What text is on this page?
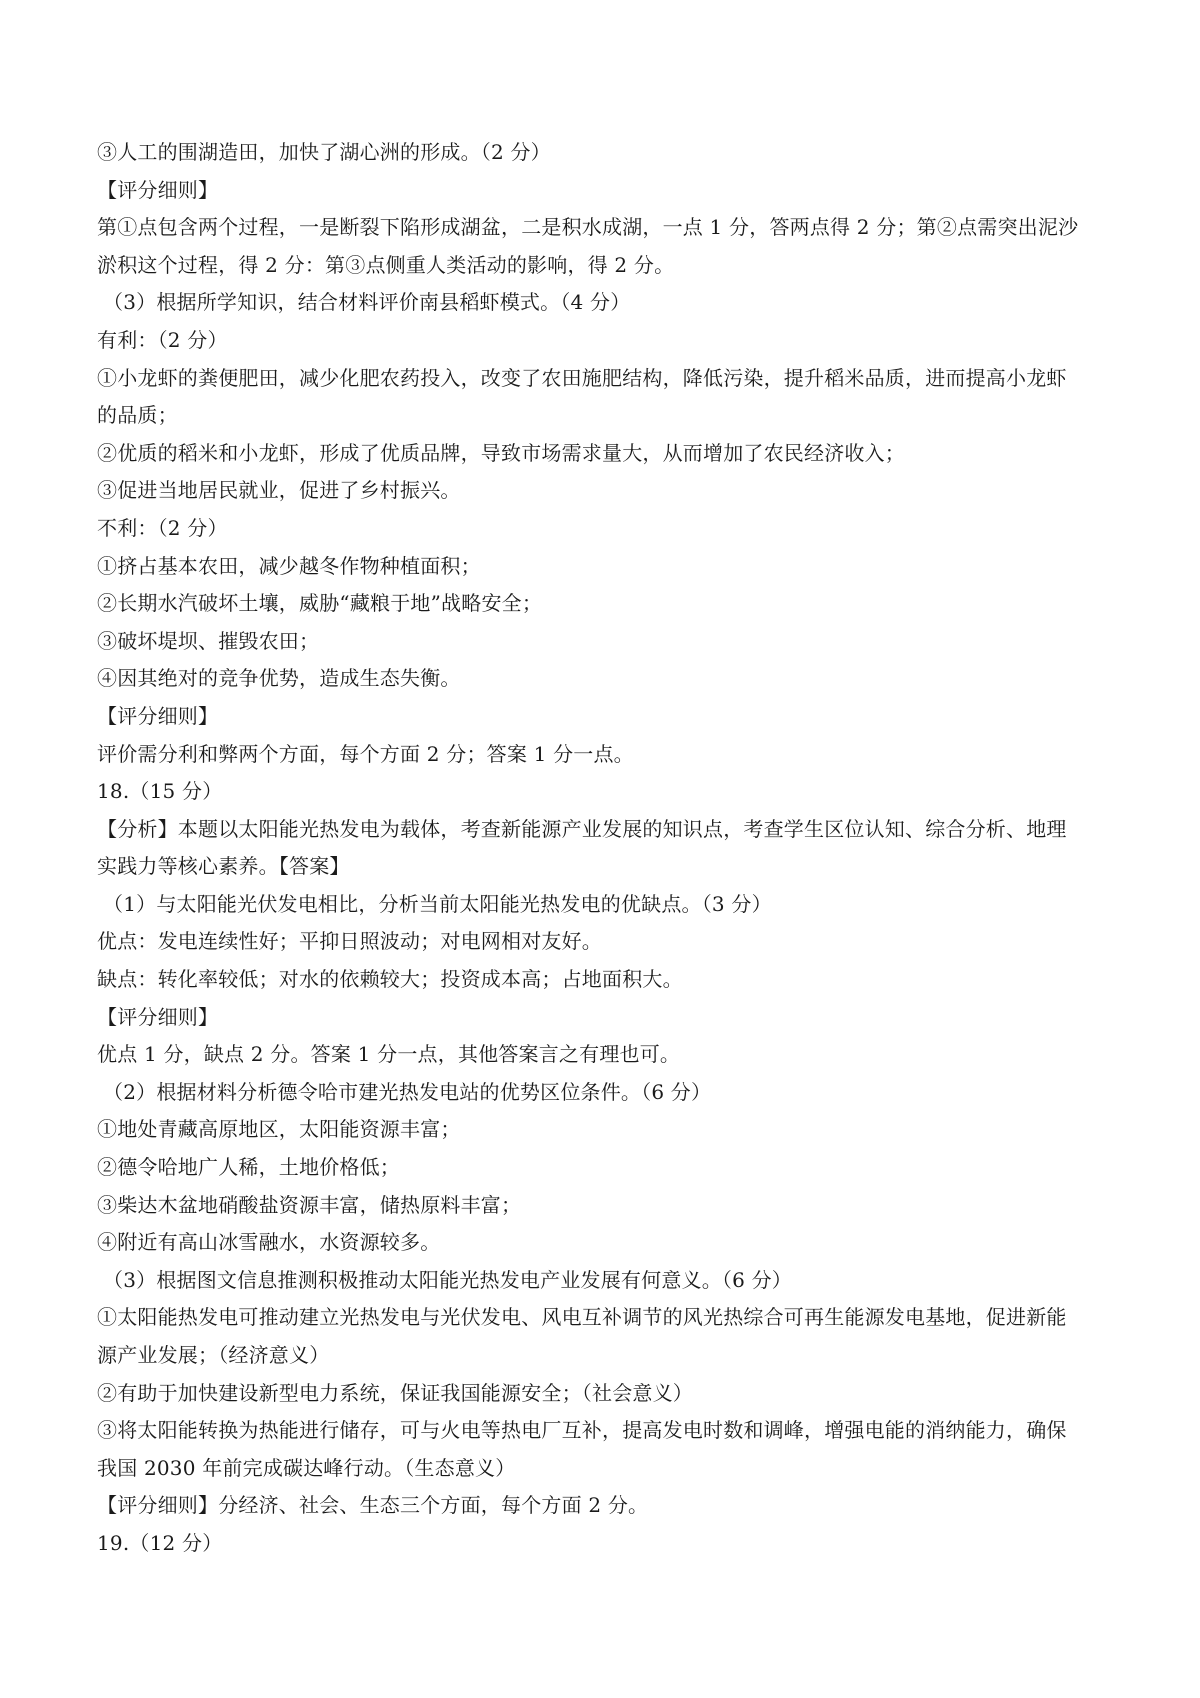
③人工的围湖造田，加快了湖心洲的形成。（2 分）
【评分细则】
第①点包含两个过程，一是断裂下陷形成湖盆，二是积水成湖，一点 1 分，答两点得 2 分；第②点需突出泥沙
淤积这个过程，得 2 分：第③点侧重人类活动的影响，得 2 分。
（3）根据所学知识，结合材料评价南县稻虾模式。（4 分）
有利：（2 分）
①小龙虾的粪便肥田，减少化肥农药投入，改变了农田施肥结构，降低污染，提升稻米品质，进而提高小龙虾
的品质；
②优质的稻米和小龙虾，形成了优质品牌，导致市场需求量大，从而增加了农民经济收入；
③促进当地居民就业，促进了乡村振兴。
不利：（2 分）
①挤占基本农田，减少越冬作物种植面积；
②长期水汽破坏土壤，威胁“藏粮于地”战略安全；
③破坏堤坝、摧毁农田；
④因其绝对的竞争优势，造成生态失衡。
【评分细则】
评价需分利和弊两个方面，每个方面 2 分；答案 1 分一点。
18.（15 分）
【分析】本题以太阳能光热发电为载体，考查新能源产业发展的知识点，考查学生区位认知、综合分析、地理
实践力等核心素养。【答案】
（1）与太阳能光伏发电相比，分析当前太阳能光热发电的优缺点。（3 分）
优点：发电连续性好；平抑日照波动；对电网相对友好。
缺点：转化率较低；对水的依赖较大；投资成本高；占地面积大。
【评分细则】
优点 1 分，缺点 2 分。答案 1 分一点，其他答案言之有理也可。
（2）根据材料分析德令哈市建光热发电站的优势区位条件。（6 分）
①地处青藏高原地区，太阳能资源丰富；
②德令哈地广人稀，土地价格低；
③柴达木盆地硝酸盐资源丰富，储热原料丰富；
④附近有高山冰雪融水，水资源较多。
（3）根据图文信息推测积极推动太阳能光热发电产业发展有何意义。（6 分）
①太阳能热发电可推动建立光热发电与光伏发电、风电互补调节的风光热综合可再生能源发电基地，促进新能
源产业发展；（经济意义）
②有助于加快建设新型电力系统，保证我国能源安全；（社会意义）
③将太阳能转换为热能进行储存，可与火电等热电厂互补，提高发电时数和调峰，增强电能的消纳能力，确保
我国 2030 年前完成碳达峰行动。（生态意义）
【评分细则】分经济、社会、生态三个方面，每个方面 2 分。
19.（12 分）
